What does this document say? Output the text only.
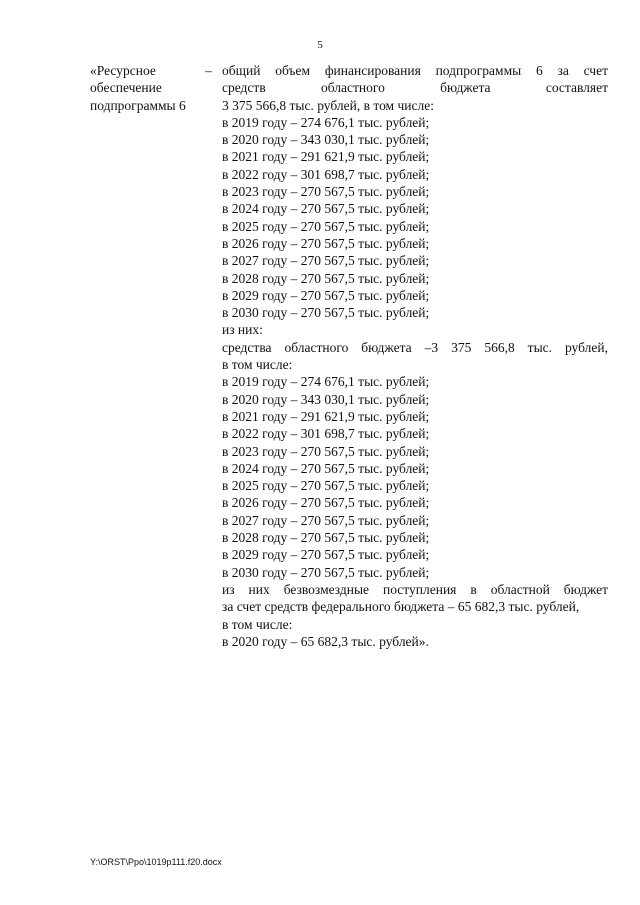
5
«Ресурсное
обеспечение
подпрограммы 6
– общий объем финансирования подпрограммы 6 за счет
средств областного бюджета составляет
3 375 566,8 тыс. рублей, в том числе:
в 2019 году – 274 676,1 тыс. рублей;
в 2020 году – 343 030,1 тыс. рублей;
в 2021 году – 291 621,9 тыс. рублей;
в 2022 году – 301 698,7 тыс. рублей;
в 2023 году – 270 567,5 тыс. рублей;
в 2024 году – 270 567,5 тыс. рублей;
в 2025 году – 270 567,5 тыс. рублей;
в 2026 году – 270 567,5 тыс. рублей;
в 2027 году – 270 567,5 тыс. рублей;
в 2028 году – 270 567,5 тыс. рублей;
в 2029 году – 270 567,5 тыс. рублей;
в 2030 году – 270 567,5 тыс. рублей;
из них:
средства областного бюджета –3 375 566,8 тыс. рублей,
в том числе:
в 2019 году – 274 676,1 тыс. рублей;
в 2020 году – 343 030,1 тыс. рублей;
в 2021 году – 291 621,9 тыс. рублей;
в 2022 году – 301 698,7 тыс. рублей;
в 2023 году – 270 567,5 тыс. рублей;
в 2024 году – 270 567,5 тыс. рублей;
в 2025 году – 270 567,5 тыс. рублей;
в 2026 году – 270 567,5 тыс. рублей;
в 2027 году – 270 567,5 тыс. рублей;
в 2028 году – 270 567,5 тыс. рублей;
в 2029 году – 270 567,5 тыс. рублей;
в 2030 году – 270 567,5 тыс. рублей;
из них безвозмездные поступления в областной бюджет
за счет средств федерального бюджета – 65 682,3 тыс. рублей,
в том числе:
в 2020 году – 65 682,3 тыс. рублей».
Y:\ORST\Ppo\1019p111.f20.docx
